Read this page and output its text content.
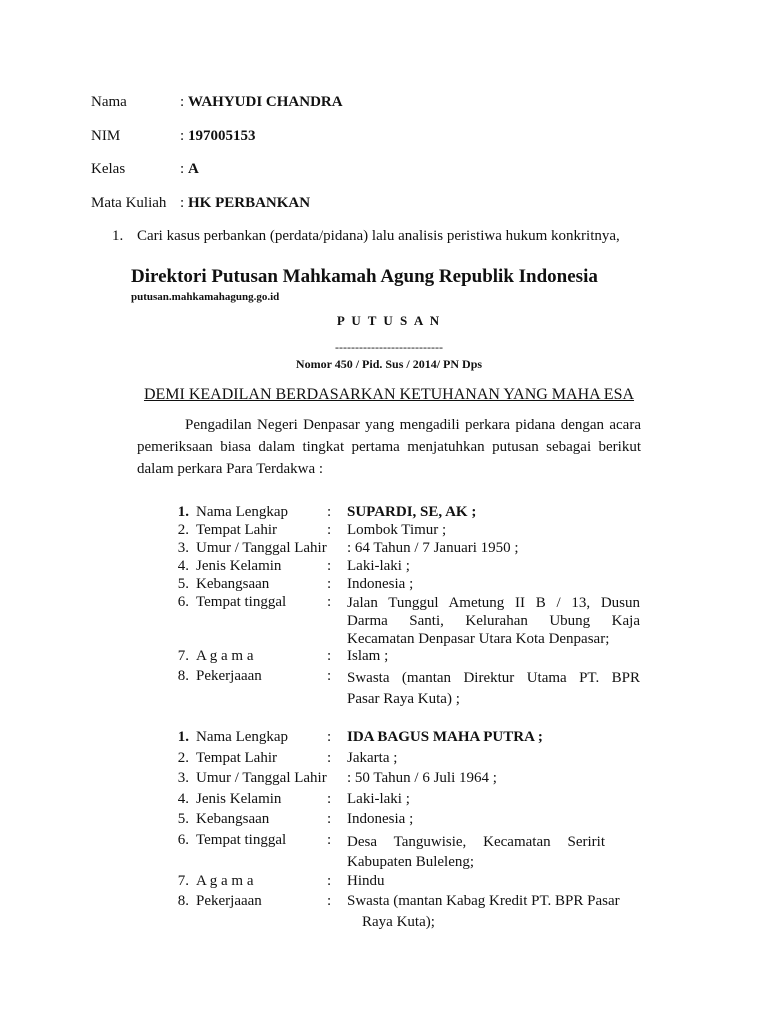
Nama	: WAHYUDI CHANDRA
NIM	: 197005153
Kelas	: A
Mata Kuliah : HK PERBANKAN
1. Cari kasus perbankan (perdata/pidana) lalu analisis peristiwa hukum konkritnya,
Direktori Putusan Mahkamah Agung Republik Indonesia
putusan.mahkamahagung.go.id
P U T U S A N
---------------------------
Nomor 450 / Pid. Sus / 2014/ PN Dps
DEMI KEADILAN BERDASARKAN KETUHANAN YANG MAHA ESA
Pengadilan Negeri Denpasar yang mengadili perkara pidana dengan acara pemeriksaan biasa dalam tingkat pertama menjatuhkan putusan sebagai berikut dalam perkara Para Terdakwa :
1. Nama Lengkap	: SUPARDI, SE, AK ;
2. Tempat Lahir	: Lombok Timur ;
3. Umur / Tanggal Lahir : 64 Tahun / 7 Januari 1950 ;
4. Jenis Kelamin	: Laki-laki ;
5. Kebangsaan	: Indonesia ;
6. Tempat tinggal	: Jalan Tunggul Ametung II B / 13, Dusun
Darma Santi, Kelurahan Ubung Kaja
Kecamatan Denpasar Utara Kota Denpasar;
7. A g a m a	: Islam ;
8. Pekerjaaan	: Swasta (mantan Direktur Utama PT. BPR
Pasar Raya Kuta) ;
1. Nama Lengkap	: IDA BAGUS MAHA PUTRA ;
2. Tempat Lahir	: Jakarta ;
3. Umur / Tanggal Lahir : 50 Tahun / 6 Juli 1964 ;
4. Jenis Kelamin	: Laki-laki ;
5. Kebangsaan	: Indonesia ;
6. Tempat tinggal	: Desa Tanguwisie, Kecamatan Seririt
Kabupaten Buleleng;
7. A g a m a	: Hindu
8. Pekerjaaan	: Swasta (mantan Kabag Kredit PT. BPR Pasar
Raya Kuta);
